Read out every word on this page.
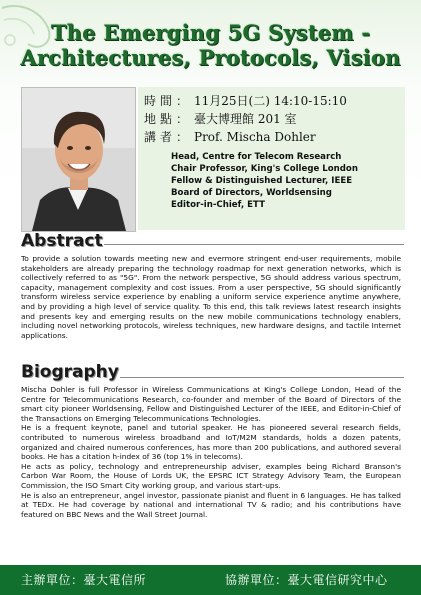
The Emerging 5G System -
Architectures, Protocols, Vision
時間： 11月25日(二) 14:10-15:10
地點： 臺大博理館 201 室
講者： Prof. Mischa Dohler
Head, Centre for Telecom Research
Chair Professor, King's College London
Fellow & Distinguished Lecturer, IEEE
Board of Directors, Worldsensing
Editor-in-Chief, ETT
Abstract

To provide a solution towards meeting new and evermore stringent end-user requirements, mobile stakeholders are already preparing the technology roadmap for next generation networks, which is collectively referred to as "5G". From the network perspective, 5G should address various spectrum, capacity, management complexity and cost issues. From a user perspective, 5G should significantly transform wireless service experience by enabling a uniform service experience anytime anywhere, and by providing a high level of service quality. To this end, this talk reviews latest research insights and presents key and emerging results on the new mobile communications technology enablers, including novel networking protocols, wireless techniques, new hardware designs, and tactile Internet applications.

Biography

Mischa Dohler is full Professor in Wireless Communications at King's College London, Head of the Centre for Telecommunications Research, co-founder and member of the Board of Directors of the smart city pioneer Worldsensing, Fellow and Distinguished Lecturer of the IEEE, and Editor-in-Chief of the Transactions on Emerging Telecommunications Technologies.

He is a frequent keynote, panel and tutorial speaker. He has pioneered several research fields, contributed to numerous wireless broadband and IoT/M2M standards, holds a dozen patents, organized and chaired numerous conferences, has more than 200 publications, and authored several books. He has a citation h-index of 36 (top 1% in telecoms).

He acts as policy, technology and entrepreneurship adviser, examples being Richard Branson's Carbon War Room, the House of Lords UK, the EPSRC ICT Strategy Advisory Team, the European Commission, the ISO Smart City working group, and various start-ups.

He is also an entrepreneur, angel investor, passionate pianist and fluent in 6 languages. He has talked at TEDx. He had coverage by national and international TV & radio; and his contributions have featured on BBC News and the Wall Street Journal.

主辦單位：臺大電信所	協辦單位：臺大電信研究中心
